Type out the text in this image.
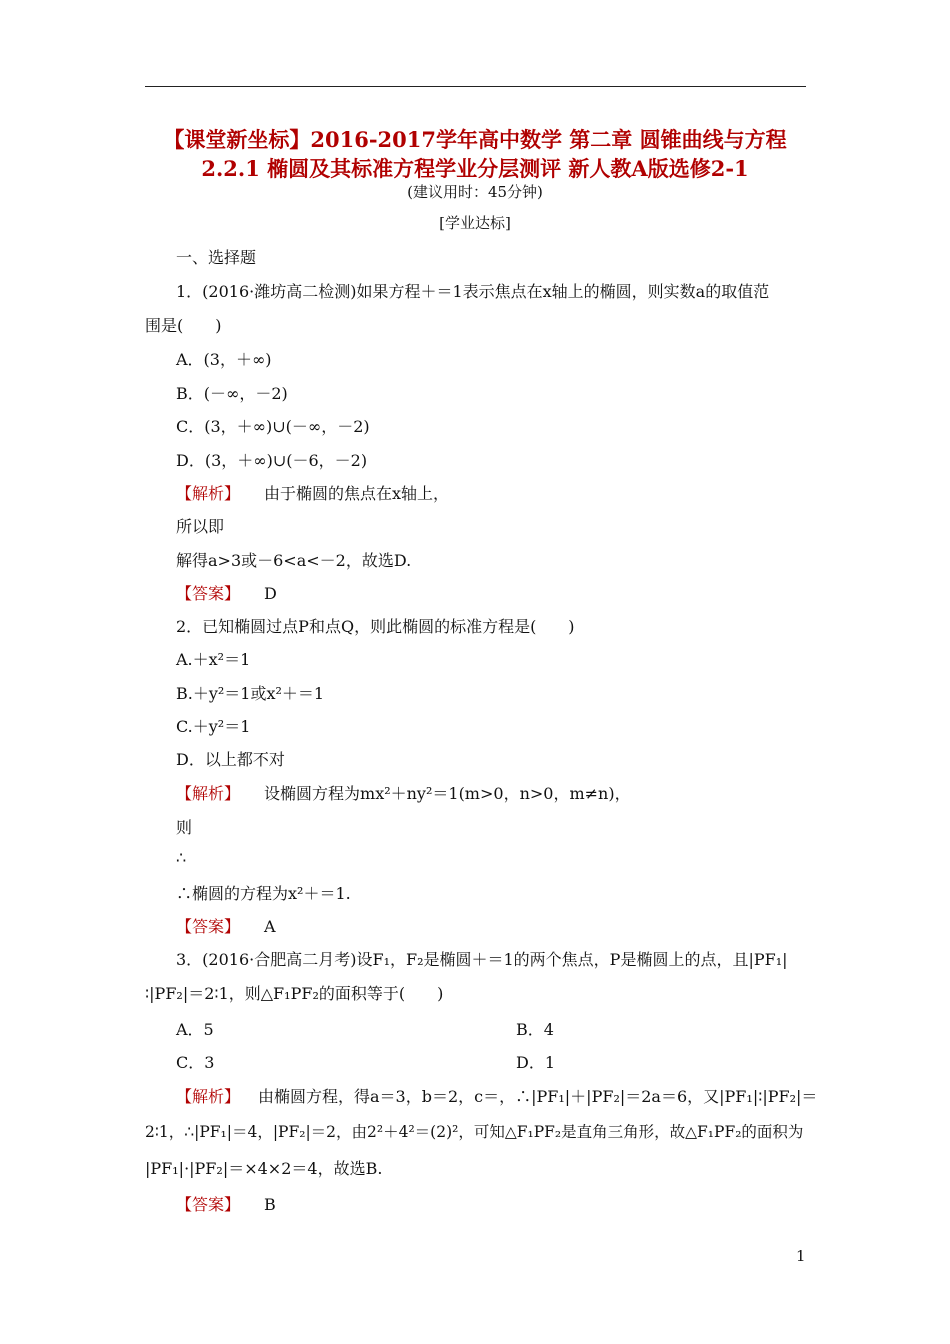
【课堂新坐标】2016-2017学年高中数学 第二章 圆锥曲线与方程
2.2.1 椭圆及其标准方程学业分层测评 新人教A版选修2-1
(建议用时：45分钟)
[学业达标]
一、选择题
1．(2016·潍坊高二检测)如果方程＋＝1表示焦点在x轴上的椭圆，则实数a的取值范
围是(　　)
A．(3，＋∞)
B．(－∞，－2)
C．(3，＋∞)∪(－∞，－2)
D．(3，＋∞)∪(－6，－2)
【解析】 由于椭圆的焦点在x轴上，
所以即
解得a>3或－6<a<－2，故选D.
【答案】 D
2．已知椭圆过点P和点Q，则此椭圆的标准方程是(　　)
A.＋x²＝1
B.＋y²＝1或x²＋＝1
C.＋y²＝1
D．以上都不对
【解析】 设椭圆方程为mx²＋ny²＝1(m>0，n>0，m≠n)，
则
∴
∴椭圆的方程为x²＋＝1.
【答案】 A
3．(2016·合肥高二月考)设F₁，F₂是椭圆＋＝1的两个焦点，P是椭圆上的点，且|PF₁|
∶|PF₂|＝2∶1，则△F₁PF₂的面积等于(　　)
A．5	B．4
C．3	D．1
【解析】 由椭圆方程，得a＝3，b＝2，c＝，∴|PF₁|＋|PF₂|＝2a＝6，又|PF₁|∶|PF₂|＝
2∶1，∴|PF₁|＝4，|PF₂|＝2，由2²＋4²＝(2)²，可知△F₁PF₂是直角三角形，故△F₁PF₂的面积为
|PF₁|·|PF₂|＝×4×2＝4，故选B.
【答案】 B
1
